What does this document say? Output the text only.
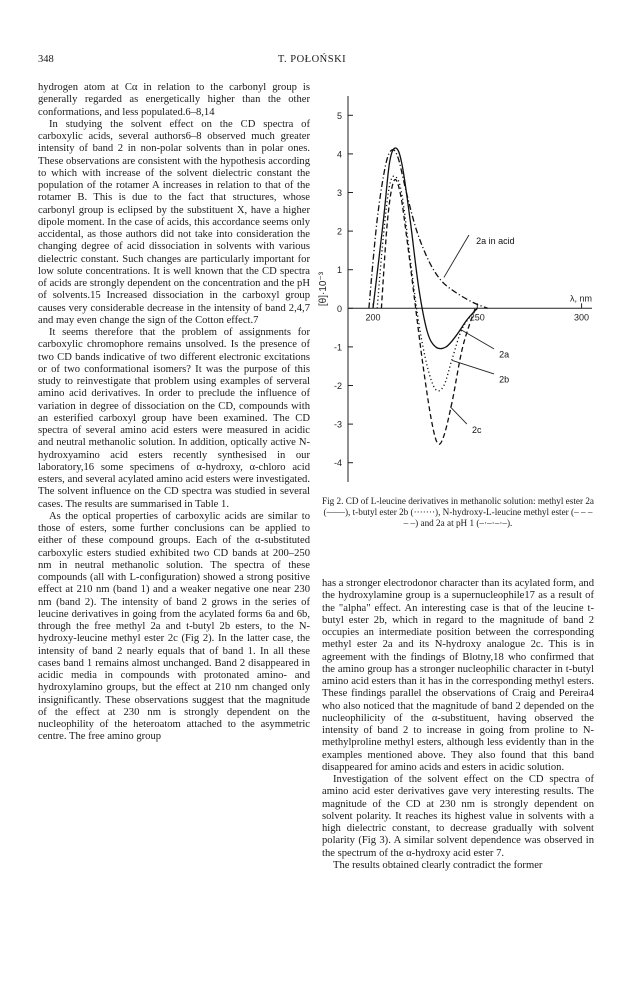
348	T. POŁOŃSKI

hydrogen atom at Cα in relation to the carbonyl group is generally regarded as energetically higher than the other conformations, and less populated.6–8,14

In studying the solvent effect on the CD spectra of carboxylic acids, several authors6–8 observed much greater intensity of band 2 in non-polar solvents than in polar ones. These observations are consistent with the hypothesis according to which with increase of the solvent dielectric constant the population of the rotamer A increases in relation to that of the rotamer B. This is due to the fact that structures, whose carbonyl group is eclipsed by the substituent X, have a higher dipole moment. In the case of acids, this accordance seems only accidental, as those authors did not take into consideration the changing degree of acid dissociation in solvents with various dielectric constant. Such changes are particularly important for low solute concentrations. It is well known that the CD spectra of acids are strongly dependent on the concentration and the pH of solvents.15 Increased dissociation in the carboxyl group causes very considerable decrease in the intensity of band 2,4,7 and may even change the sign of the Cotton effect.7

It seems therefore that the problem of assignments for carboxylic chromophore remains unsolved. Is the presence of two CD bands indicative of two different electronic excitations or of two conformational isomers? It was the purpose of this study to reinvestigate that problem using examples of serveral amino acid derivatives. In order to preclude the influence of variation in degree of dissociation on the CD, compounds with an esterified carboxyl group have been examined. The CD spectra of several amino acid esters were measured in acidic and neutral methanolic solution. In addition, optically active N-hydroxyamino acid esters recently synthesised in our laboratory,16 some specimens of α-hydroxy, α-chloro acid esters, and several acylated amino acid esters were investigated. The solvent influence on the CD spectra was studied in several cases. The results are summarised in Table 1.

As the optical properties of carboxylic acids are similar to those of esters, some further conclusions can be applied to either of these compound groups. Each of the α-substituted carboxylic esters studied exhibited two CD bands at 200–250 nm in neutral methanolic solution. The spectra of these compounds (all with L-configuration) showed a strong positive effect at 210 nm (band 1) and a weaker negative one near 230 nm (band 2). The intensity of band 2 grows in the series of leucine derivatives in going from the acylated forms 6a and 6b, through the free methyl 2a and t-butyl 2b esters, to the N-hydroxy-leucine methyl ester 2c (Fig 2). In the latter case, the intensity of band 2 nearly equals that of band 1. In all these cases band 1 remains almost unchanged. Band 2 disappeared in acidic media in compounds with protonated amino- and hydroxylamino groups, but the effect at 210 nm changed only insignificantly. These observations suggest that the magnitude of the effect at 230 nm is strongly dependent on the nucleophility of the heteroatom attached to the asymmetric centre. The free amino group

5
4
3
2
1
0
-1
-2
-3
-4
200	250	300
[θ]·10⁻³	λ, nm
2a in acid
2a
2b
2c
Fig 2. CD of L-leucine derivatives in methanolic solution: methyl ester 2a (——), t-butyl ester 2b (·······), N-hydroxy-L-leucine methyl ester (– – – – –) and 2a at pH 1 (–·–·–·–).

has a stronger electrodonor character than its acylated form, and the hydroxylamine group is a supernucleophile17 as a result of the "alpha" effect. An interesting case is that of the leucine t-butyl ester 2b, which in regard to the magnitude of band 2 occupies an intermediate position between the corresponding methyl ester 2a and its N-hydroxy analogue 2c. This is in agreement with the findings of Blotny,18 who confirmed that the amino group has a stronger nucleophilic character in t-butyl amino acid esters than it has in the corresponding methyl esters. These findings parallel the observations of Craig and Pereira4 who also noticed that the magnitude of band 2 depended on the nucleophilicity of the α-substituent, having observed the intensity of band 2 to increase in going from proline to N-methylproline methyl esters, although less evidently than in the examples mentioned above. They also found that this band disappeared for amino acids and esters in acidic solution.

Investigation of the solvent effect on the CD spectra of amino acid ester derivatives gave very interesting results. The magnitude of the CD at 230 nm is strongly dependent on solvent polarity. It reaches its highest value in solvents with a high dielectric constant, to decrease gradually with solvent polarity (Fig 3). A similar solvent dependence was observed in the spectrum of the α-hydroxy acid ester 7.

The results obtained clearly contradict the former
